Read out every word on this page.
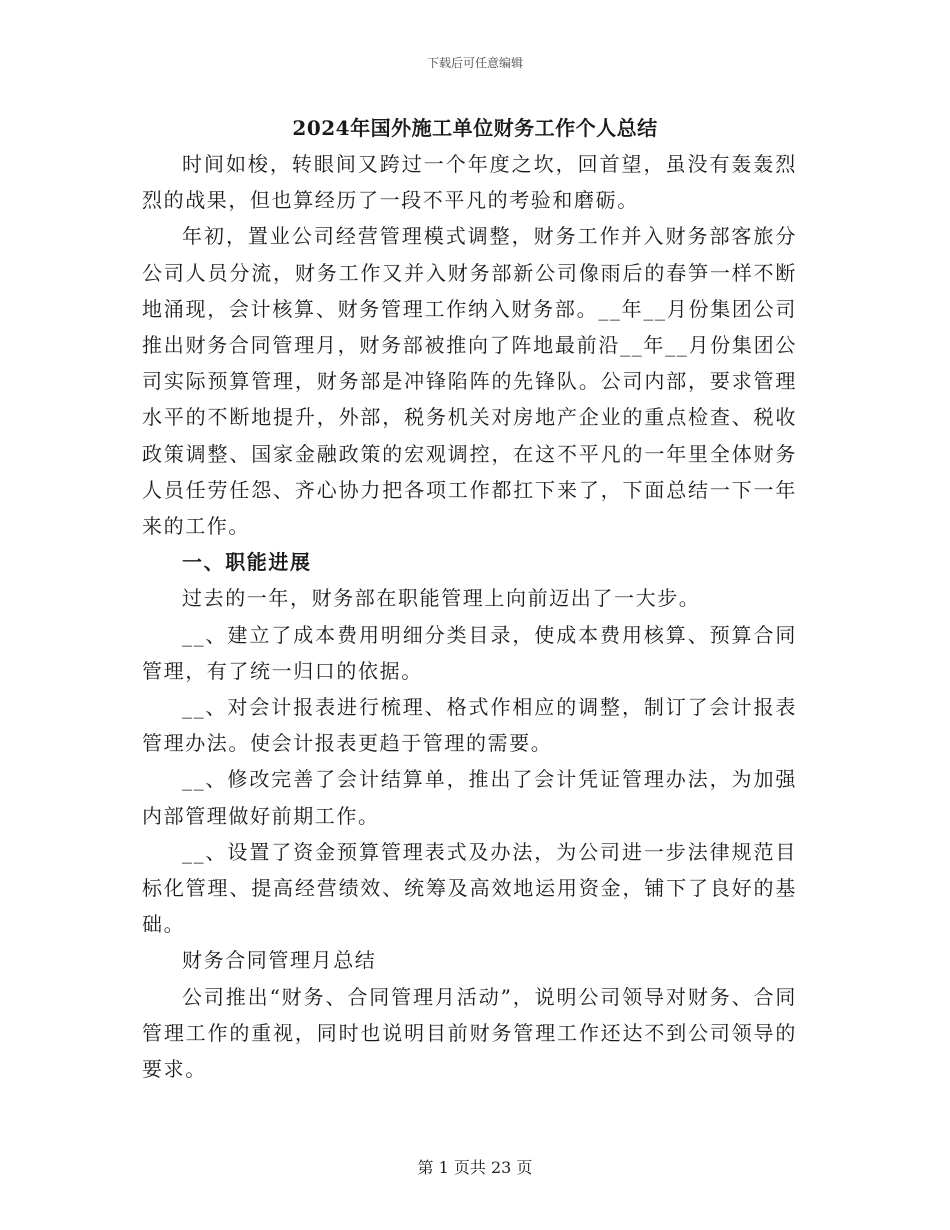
下载后可任意编辑
2024年国外施工单位财务工作个人总结

时间如梭，转眼间又跨过一个年度之坎，回首望，虽没有轰轰烈烈的战果，但也算经历了一段不平凡的考验和磨砺。

年初，置业公司经营管理模式调整，财务工作并入财务部客旅分公司人员分流，财务工作又并入财务部新公司像雨后的春笋一样不断地涌现，会计核算、财务管理工作纳入财务部。__年__月份集团公司推出财务合同管理月，财务部被推向了阵地最前沿__年__月份集团公司实际预算管理，财务部是冲锋陷阵的先锋队。公司内部，要求管理水平的不断地提升，外部，税务机关对房地产企业的重点检查、税收政策调整、国家金融政策的宏观调控，在这不平凡的一年里全体财务人员任劳任怨、齐心协力把各项工作都扛下来了，下面总结一下一年来的工作。

一、职能进展

过去的一年，财务部在职能管理上向前迈出了一大步。

__、建立了成本费用明细分类目录，使成本费用核算、预算合同管理，有了统一归口的依据。

__、对会计报表进行梳理、格式作相应的调整，制订了会计报表管理办法。使会计报表更趋于管理的需要。

__、修改完善了会计结算单，推出了会计凭证管理办法，为加强内部管理做好前期工作。

__、设置了资金预算管理表式及办法，为公司进一步法律规范目标化管理、提高经营绩效、统筹及高效地运用资金，铺下了良好的基础。

财务合同管理月总结

公司推出“财务、合同管理月活动”，说明公司领导对财务、合同管理工作的重视，同时也说明目前财务管理工作还达不到公司领导的要求。

第 1 页共 23 页
